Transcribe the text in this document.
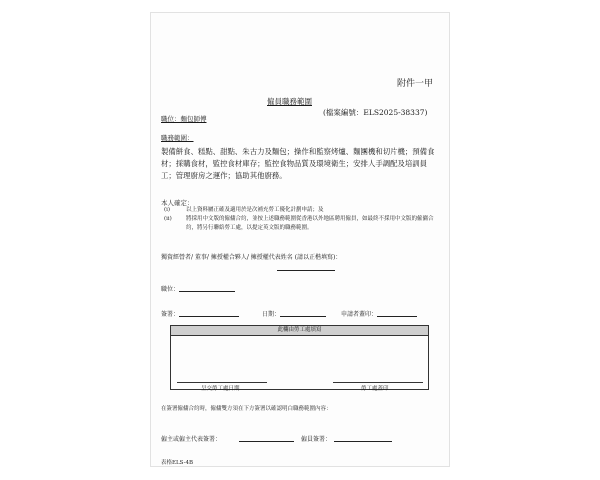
附件一甲
僱員職務範圍
(檔案編號：ELS2025-38337)
職位：麵包師傅
職務範圍：
製備餅食、糕點、甜點、朱古力及麵包；操作和監察烤爐、麵團機和切片機；預備食材；採購食材，監控食材庫存；監控食物品質及環境衛生；安排人手調配及培訓員工；管理廚房之運作；協助其他廚務。
本人確定：
(i)	以上資料屬正確及適用於是次補充勞工優化計劃申請；及
(ii)	將採用中文版的僱傭合約，並按上述職務範圍從香港以外地區聘用僱員，如最終不採用中文版的僱傭合約，將另行聯絡勞工處，以提定英文版的職務範圍。
獨資經營者/ 董事/ 擁授權合夥人/ 擁授權代表姓名 (請以正楷填寫)：
職位：
簽署：	日期：	申請者蓋印：
此欄由勞工處填寫
呈交勞工處日期	勞工處蓋印
在簽署僱傭合約時，僱傭雙方須在下方簽署以確認明白職務範圍內容：
僱主或僱主代表簽署：	僱員簽署：
表格ELS-4B
